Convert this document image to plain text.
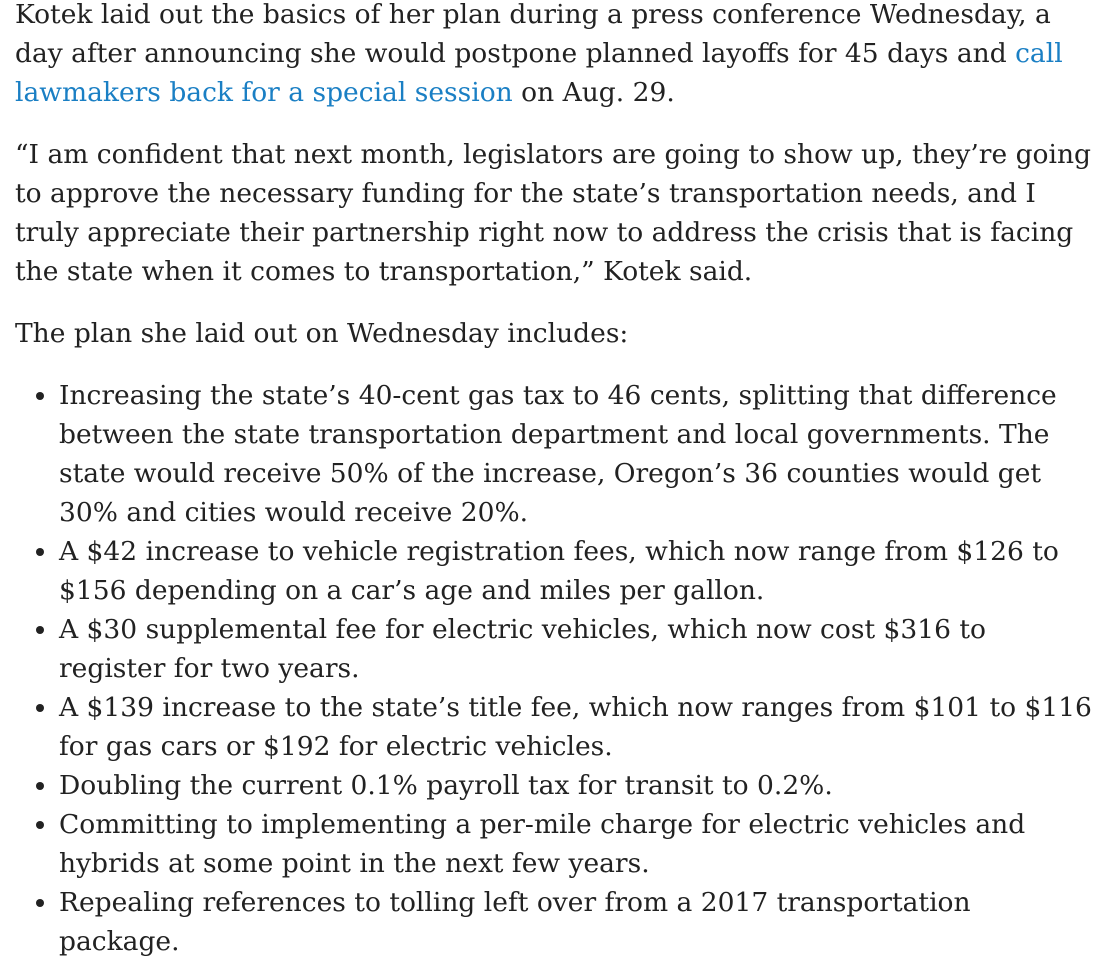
Kotek laid out the basics of her plan during a press conference Wednesday, a day after announcing she would postpone planned layoffs for 45 days and call lawmakers back for a special session on Aug. 29.

“I am confident that next month, legislators are going to show up, they’re going to approve the necessary funding for the state’s transportation needs, and I truly appreciate their partnership right now to address the crisis that is facing the state when it comes to transportation,” Kotek said.

The plan she laid out on Wednesday includes:

• Increasing the state’s 40-cent gas tax to 46 cents, splitting that difference between the state transportation department and local governments. The state would receive 50% of the increase, Oregon’s 36 counties would get 30% and cities would receive 20%.
• A $42 increase to vehicle registration fees, which now range from $126 to $156 depending on a car’s age and miles per gallon.
• A $30 supplemental fee for electric vehicles, which now cost $316 to register for two years.
• A $139 increase to the state’s title fee, which now ranges from $101 to $116 for gas cars or $192 for electric vehicles.
• Doubling the current 0.1% payroll tax for transit to 0.2%.
• Committing to implementing a per-mile charge for electric vehicles and hybrids at some point in the next few years.
• Repealing references to tolling left over from a 2017 transportation package.
